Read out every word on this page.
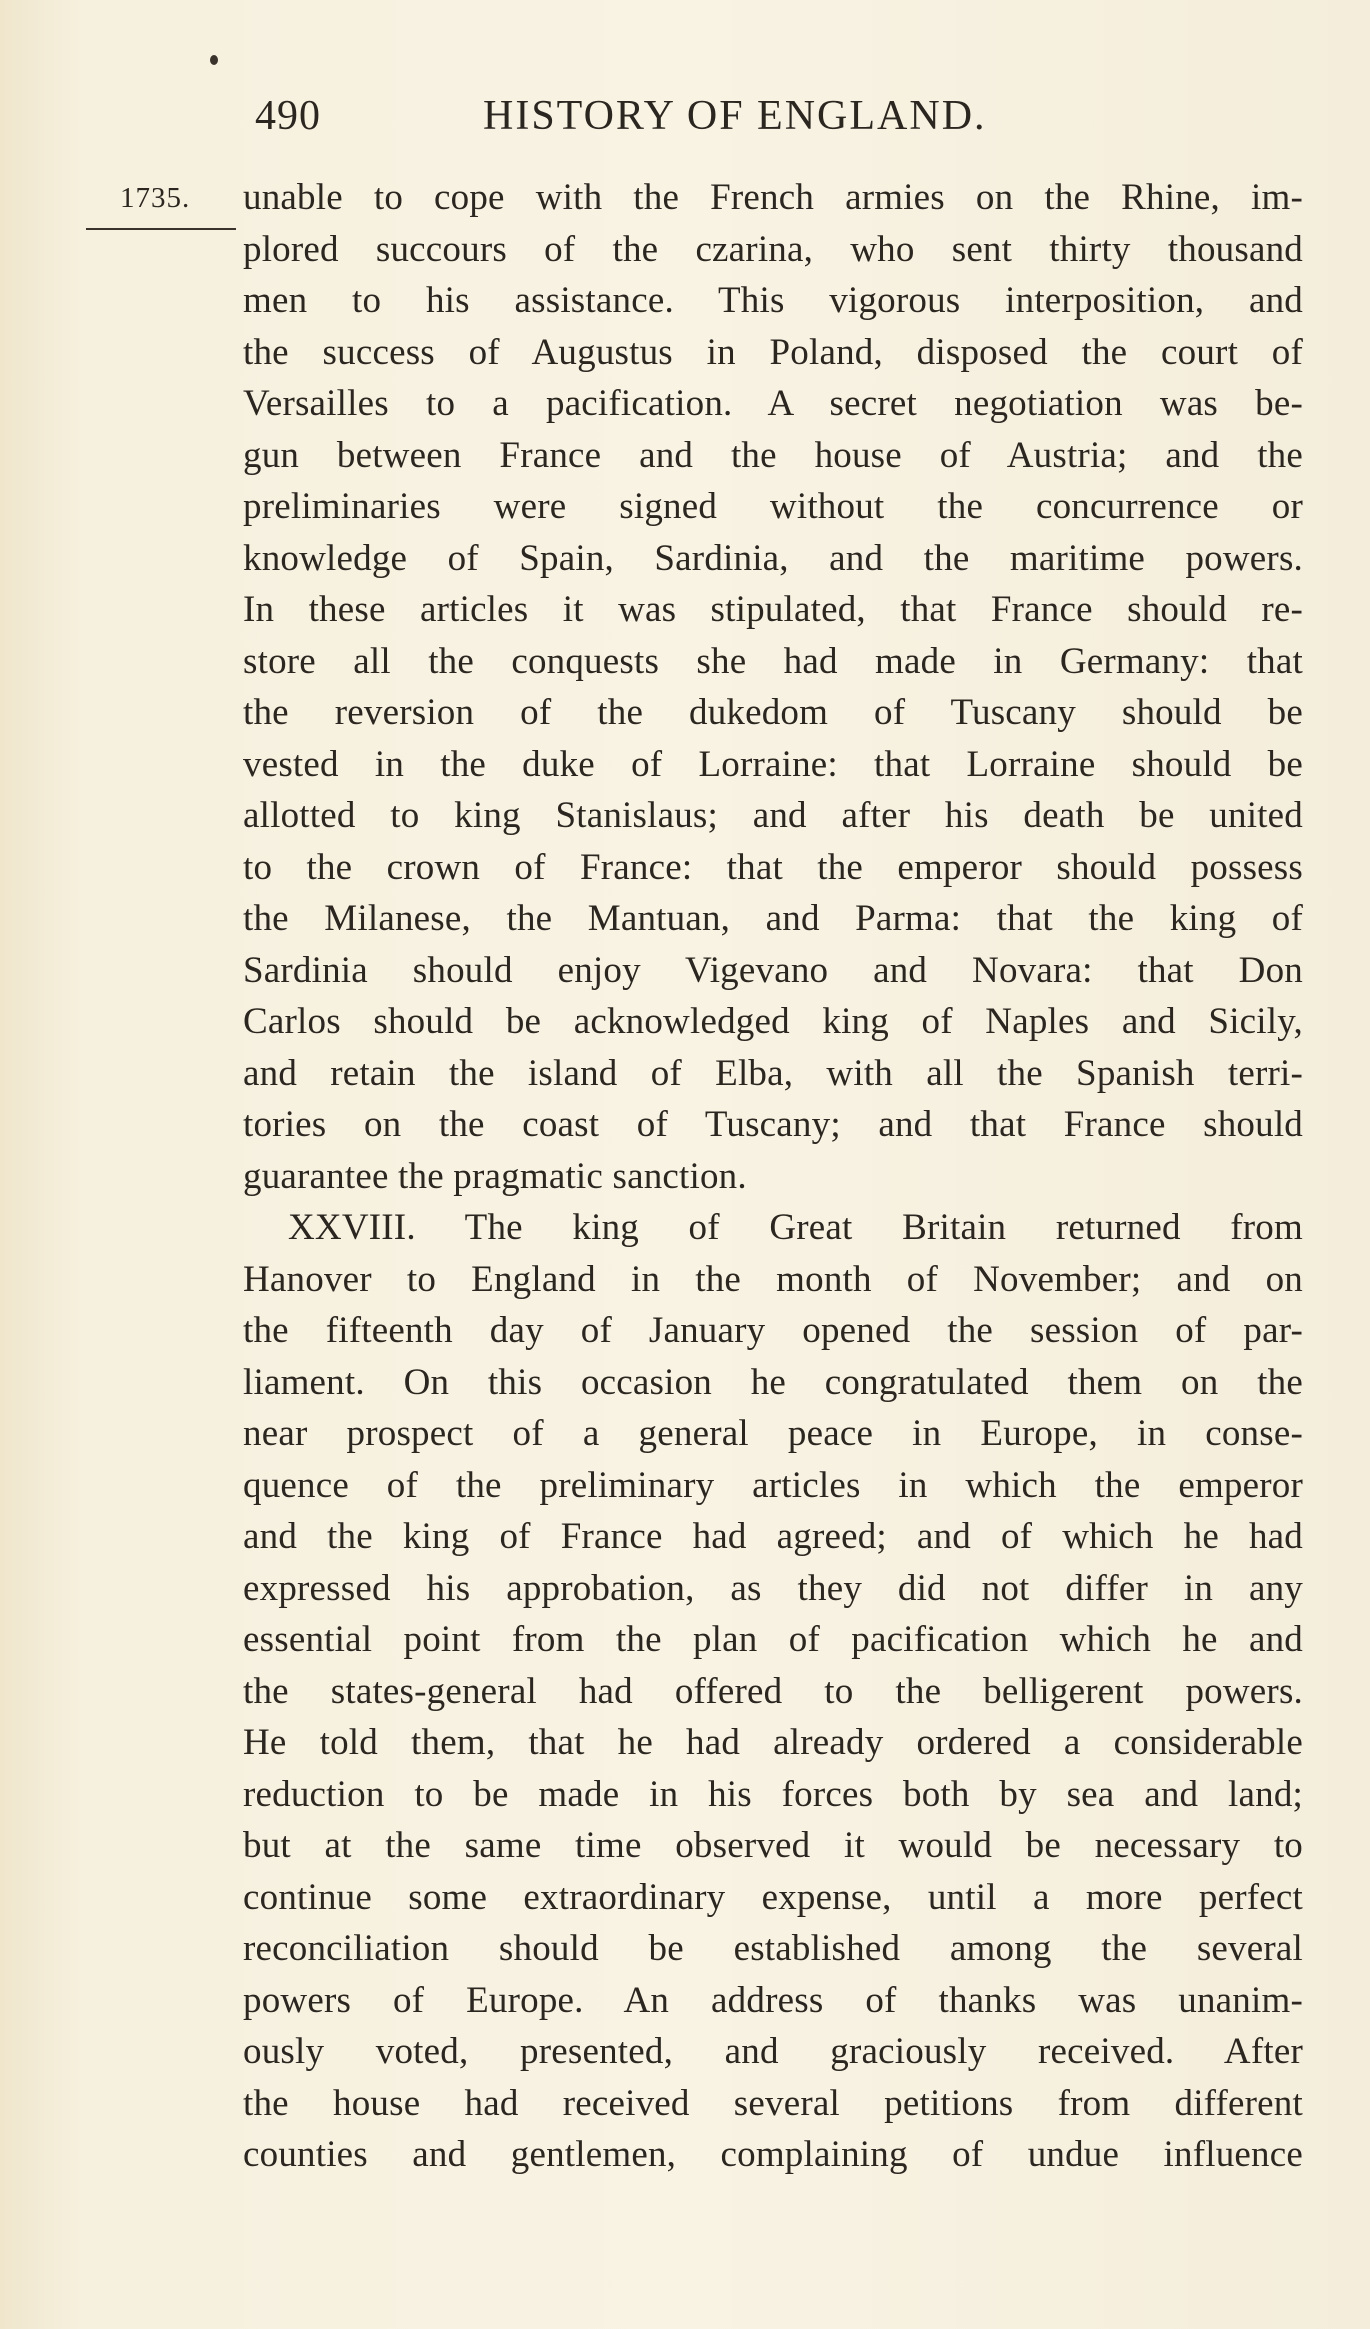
490	HISTORY OF ENGLAND.
1735. unable to cope with the French armies on the Rhine, im-
plored succours of the czarina, who sent thirty thousand
men to his assistance. This vigorous interposition, and
the success of Augustus in Poland, disposed the court of
Versailles to a pacification. A secret negotiation was be-
gun between France and the house of Austria; and the
preliminaries were signed without the concurrence or
knowledge of Spain, Sardinia, and the maritime powers.
In these articles it was stipulated, that France should re-
store all the conquests she had made in Germany: that
the reversion of the dukedom of Tuscany should be
vested in the duke of Lorraine: that Lorraine should be
allotted to king Stanislaus; and after his death be united
to the crown of France: that the emperor should possess
the Milanese, the Mantuan, and Parma: that the king of
Sardinia should enjoy Vigevano and Novara: that Don
Carlos should be acknowledged king of Naples and Sicily,
and retain the island of Elba, with all the Spanish terri-
tories on the coast of Tuscany; and that France should
guarantee the pragmatic sanction.
XXVIII. The king of Great Britain returned from
Hanover to England in the month of November; and on
the fifteenth day of January opened the session of par-
liament. On this occasion he congratulated them on the
near prospect of a general peace in Europe, in conse-
quence of the preliminary articles in which the emperor
and the king of France had agreed; and of which he had
expressed his approbation, as they did not differ in any
essential point from the plan of pacification which he and
the states-general had offered to the belligerent powers.
He told them, that he had already ordered a considerable
reduction to be made in his forces both by sea and land;
but at the same time observed it would be necessary to
continue some extraordinary expense, until a more perfect
reconciliation should be established among the several
powers of Europe. An address of thanks was unanim-
ously voted, presented, and graciously received. After
the house had received several petitions from different
counties and gentlemen, complaining of undue influence
